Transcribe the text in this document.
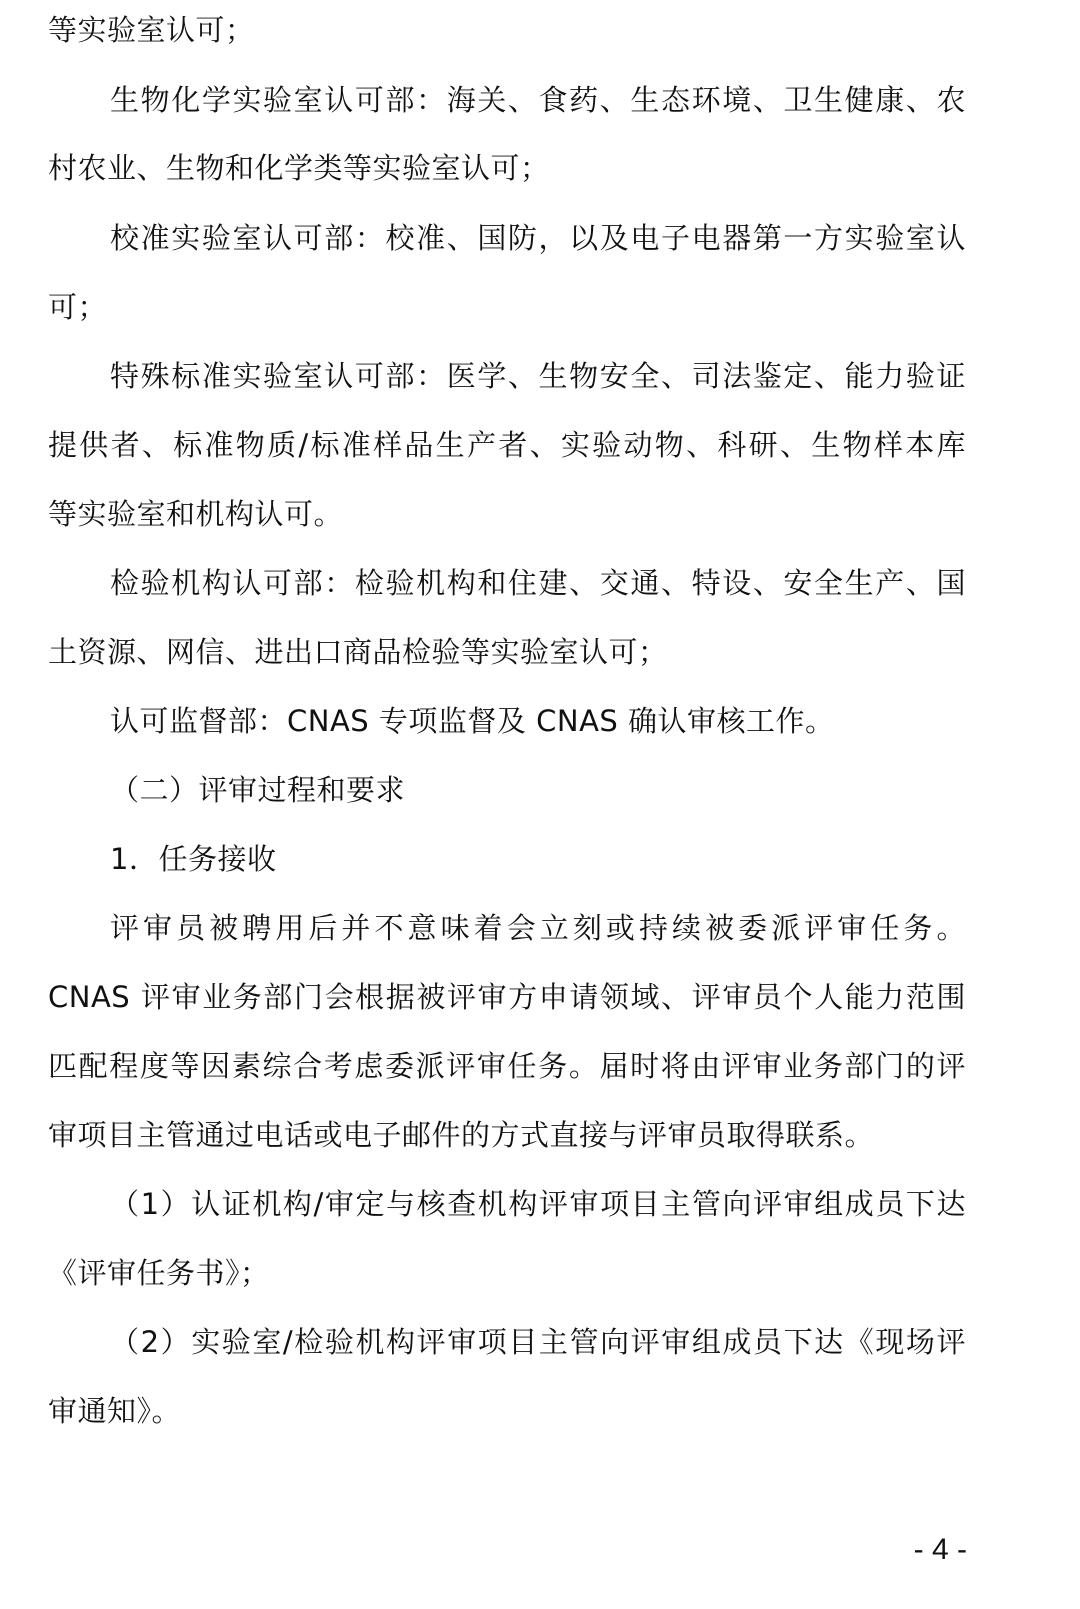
等实验室认可；
生物化学实验室认可部：海关、食药、生态环境、卫生健康、农
村农业、生物和化学类等实验室认可；
校准实验室认可部：校准、国防，以及电子电器第一方实验室认
可；
特殊标准实验室认可部：医学、生物安全、司法鉴定、能力验证
提供者、标准物质/标准样品生产者、实验动物、科研、生物样本库
等实验室和机构认可。
检验机构认可部：检验机构和住建、交通、特设、安全生产、国
土资源、网信、进出口商品检验等实验室认可；
认可监督部：CNAS 专项监督及 CNAS 确认审核工作。
（二）评审过程和要求
1．任务接收
评审员被聘用后并不意味着会立刻或持续被委派评审任务。
CNAS 评审业务部门会根据被评审方申请领域、评审员个人能力范围
匹配程度等因素综合考虑委派评审任务。届时将由评审业务部门的评
审项目主管通过电话或电子邮件的方式直接与评审员取得联系。
（1）认证机构/审定与核查机构评审项目主管向评审组成员下达
《评审任务书》；
（2）实验室/检验机构评审项目主管向评审组成员下达《现场评
审通知》。
- 4 -
